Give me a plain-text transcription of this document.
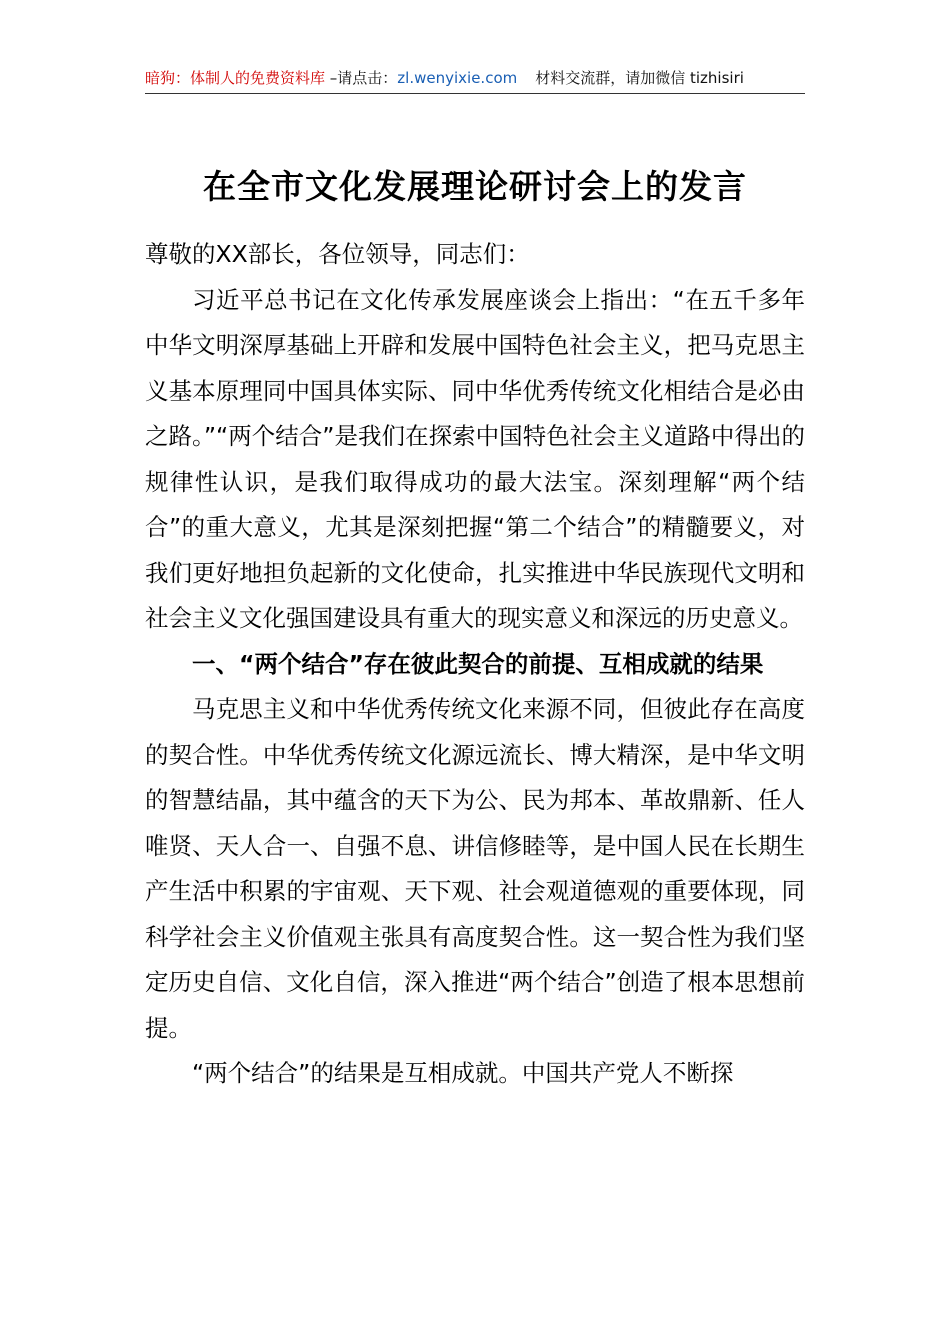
暗狗：体制人的免费资料库 –请点击：zl.wenyixie.com 材料交流群，请加微信 tizhisiri
在全市文化发展理论研讨会上的发言

尊敬的XX部长，各位领导，同志们：

习近平总书记在文化传承发展座谈会上指出：“在五千多年中华文明深厚基础上开辟和发展中国特色社会主义，把马克思主义基本原理同中国具体实际、同中华优秀传统文化相结合是必由之路。”“两个结合”是我们在探索中国特色社会主义道路中得出的规律性认识，是我们取得成功的最大法宝。深刻理解“两个结合”的重大意义，尤其是深刻把握“第二个结合”的精髓要义，对我们更好地担负起新的文化使命，扎实推进中华民族现代文明和社会主义文化强国建设具有重大的现实意义和深远的历史意义。

一、“两个结合”存在彼此契合的前提、互相成就的结果

马克思主义和中华优秀传统文化来源不同，但彼此存在高度的契合性。中华优秀传统文化源远流长、博大精深，是中华文明的智慧结晶，其中蕴含的天下为公、民为邦本、革故鼎新、任人唯贤、天人合一、自强不息、讲信修睦等，是中国人民在长期生产生活中积累的宇宙观、天下观、社会观道德观的重要体现，同科学社会主义价值观主张具有高度契合性。这一契合性为我们坚定历史自信、文化自信，深入推进“两个结合”创造了根本思想前提。

“两个结合”的结果是互相成就。中国共产党人不断探
